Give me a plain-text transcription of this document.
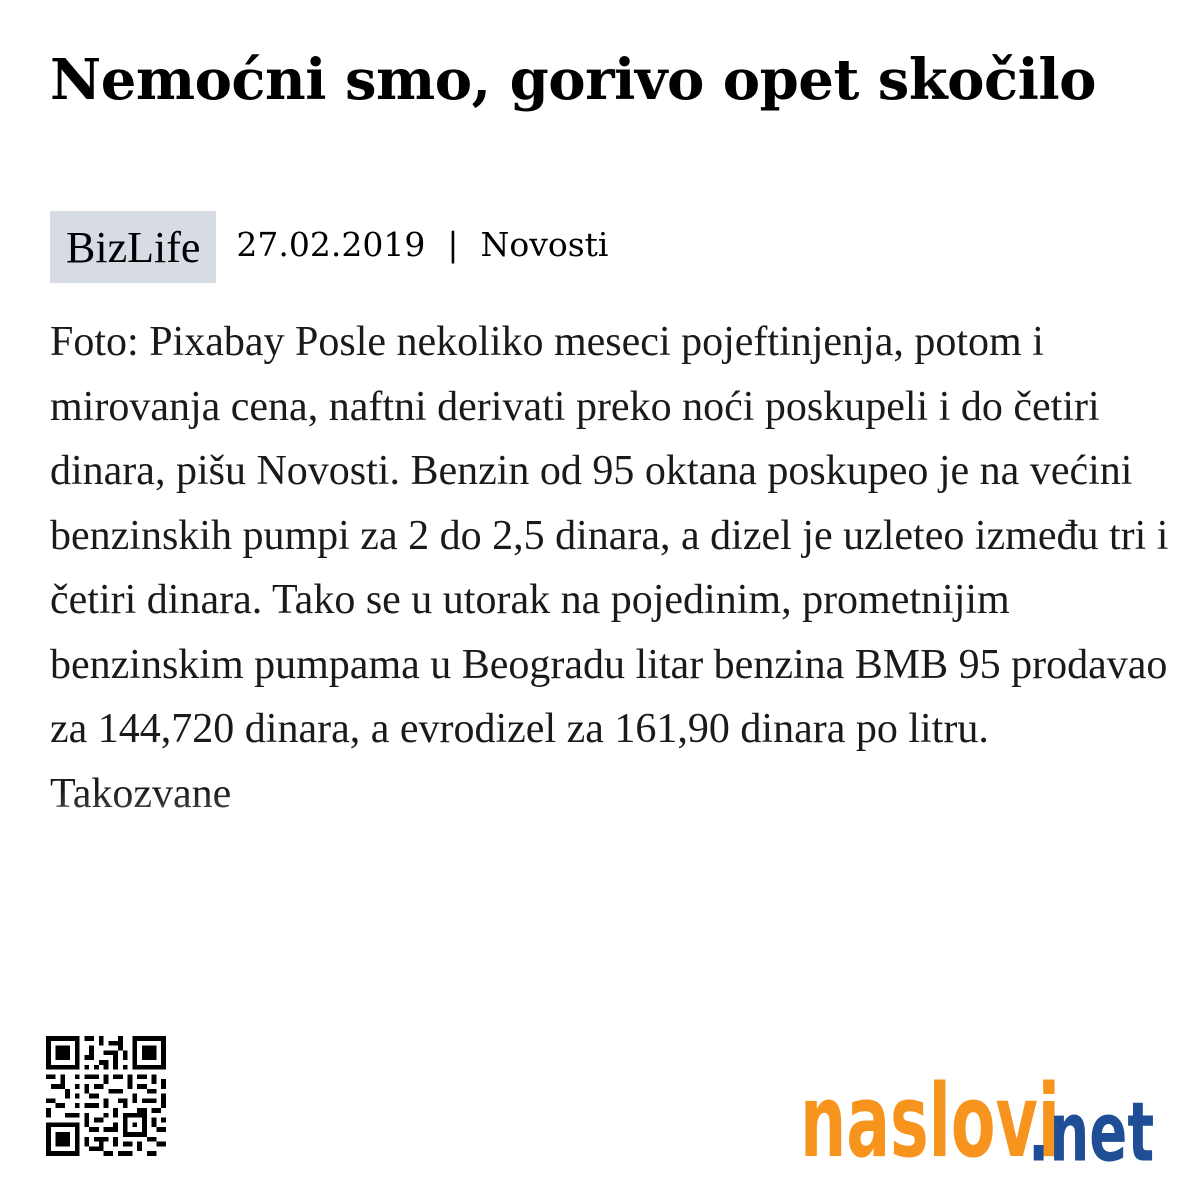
Nemoćni smo, gorivo opet skočilo
BizLife 27.02.2019 | Novosti

Foto: Pixabay Posle nekoliko meseci pojeftinjenja, potom i mirovanja cena, naftni derivati preko noći poskupeli i do četiri dinara, pišu Novosti. Benzin od 95 oktana poskupeo je na većini benzinskih pumpi za 2 do 2,5 dinara, a dizel je uzleteo između tri i četiri dinara. Tako se u utorak na pojedinim, prometnijim benzinskim pumpama u Beogradu litar benzina BMB 95 prodavao za 144,720 dinara, a evrodizel za 161,90 dinara po litru. Takozvane

naslovi
.net
